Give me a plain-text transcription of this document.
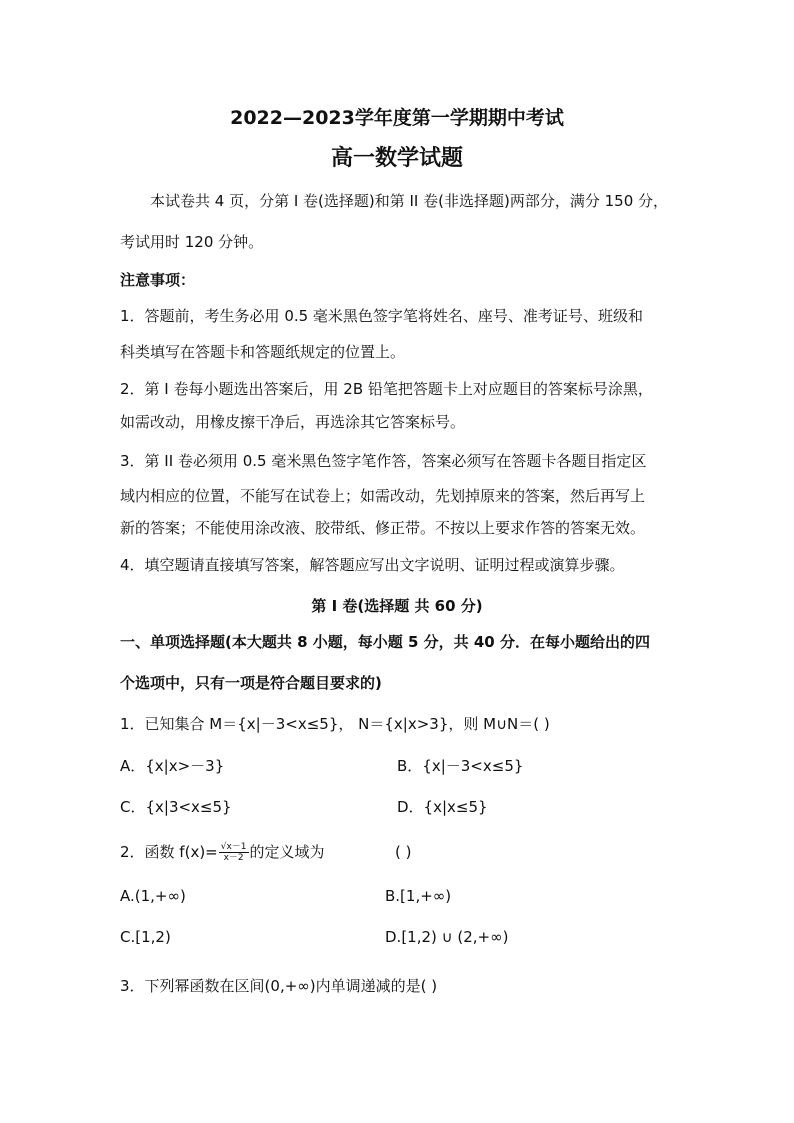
2022—2023学年度第一学期期中考试
高一数学试题
本试卷共 4 页，分第 I 卷(选择题)和第 II 卷(非选择题)两部分，满分 150 分，
考试用时 120 分钟。
注意事项：
1．答题前，考生务必用 0.5 毫米黑色签字笔将姓名、座号、准考证号、班级和
科类填写在答题卡和答题纸规定的位置上。
2．第 I 卷每小题选出答案后，用 2B 铅笔把答题卡上对应题目的答案标号涂黑，
如需改动，用橡皮擦干净后，再选涂其它答案标号。
3．第 II 卷必须用 0.5 毫米黑色签字笔作答，答案必须写在答题卡各题目指定区
域内相应的位置，不能写在试卷上；如需改动，先划掉原来的答案，然后再写上
新的答案；不能使用涂改液、胶带纸、修正带。不按以上要求作答的答案无效。
4．填空题请直接填写答案，解答题应写出文字说明、证明过程或演算步骤。
第 I 卷(选择题 共 60 分)
一、单项选择题(本大题共 8 小题，每小题 5 分，共 40 分．在每小题给出的四
个选项中，只有一项是符合题目要求的)
1．已知集合 M＝{x|－3<x≤5}， N＝{x|x>3}，则 M∪N＝( )
A．{x|x>－3}	B．{x|－3<x≤5}
C．{x|3<x≤5}	D．{x|x≤5}
2．函数 $f(x)= \frac{√x-1}{x-2}$ 的定义域为	( )
A.(1,+∞)	B.[1,+∞)
C.[1,2)	D.[1,2) ∪ (2,+∞)
3．下列幂函数在区间(0,+∞)内单调递减的是( )
